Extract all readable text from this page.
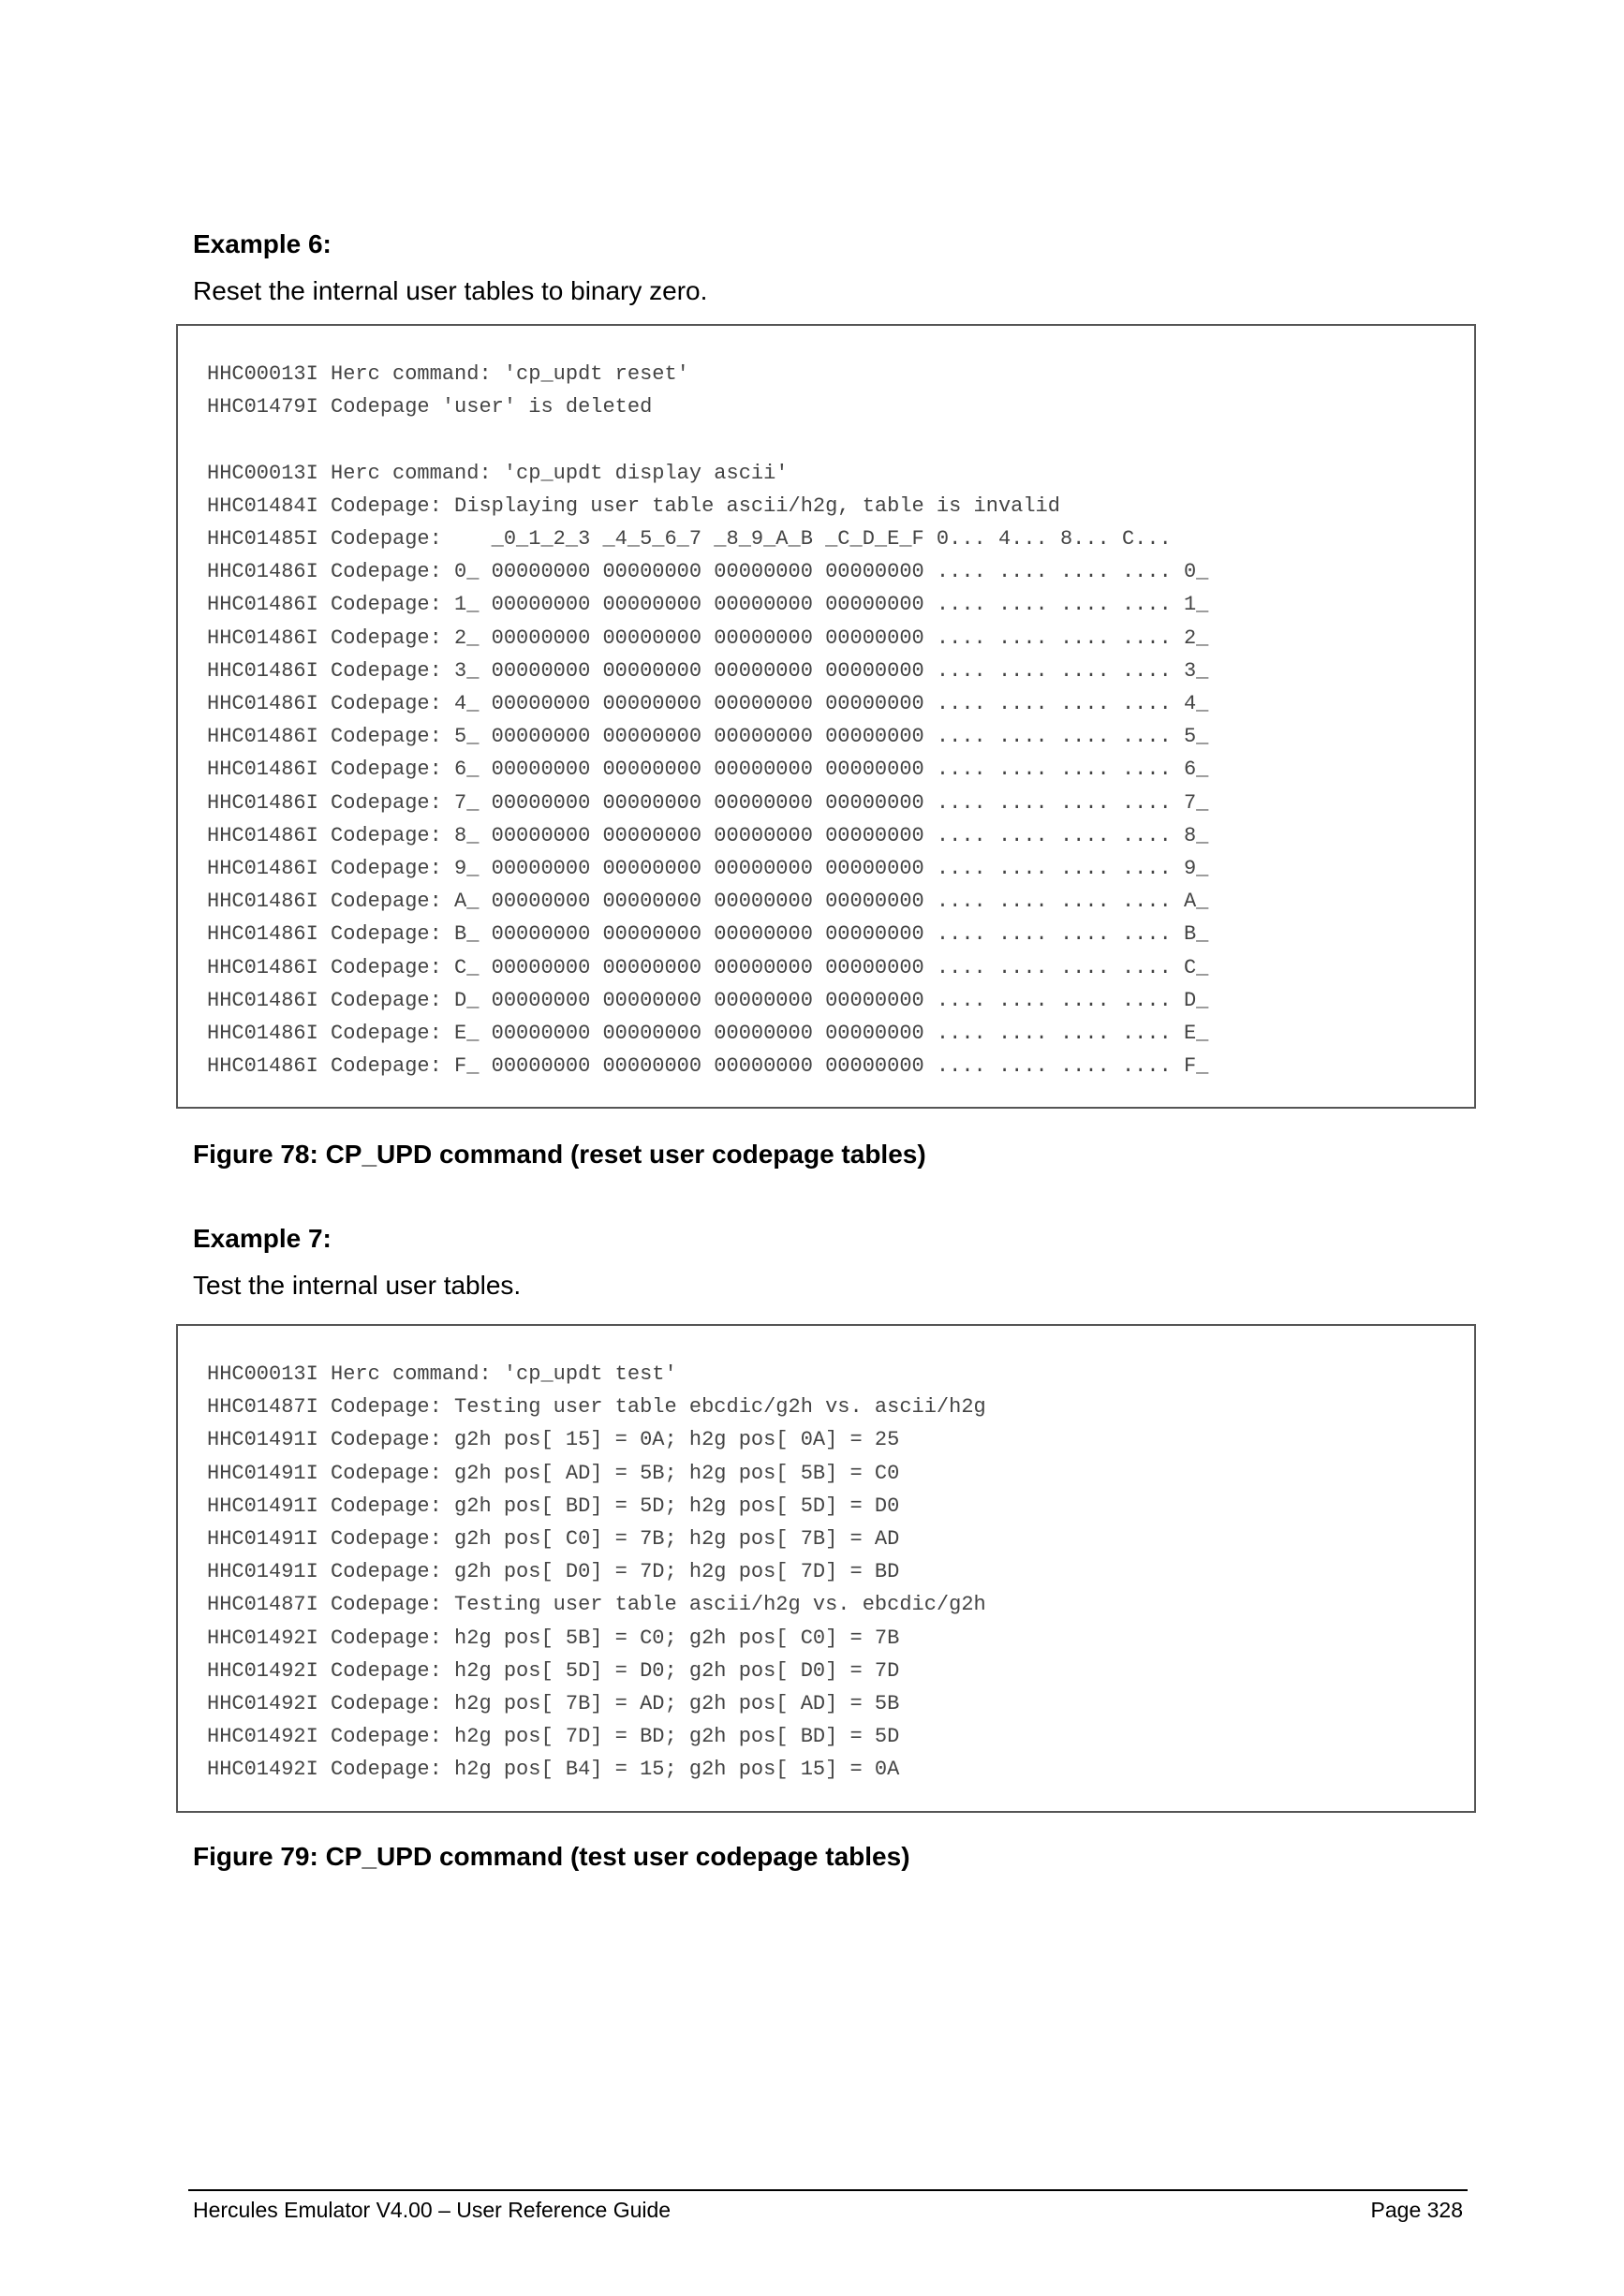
Example 6:

Reset the internal user tables to binary zero.

HHC00013I Herc command: 'cp_updt reset'
HHC01479I Codepage 'user' is deleted

HHC00013I Herc command: 'cp_updt display ascii'
HHC01484I Codepage: Displaying user table ascii/h2g, table is invalid
HHC01485I Codepage:    _0_1_2_3 _4_5_6_7 _8_9_A_B _C_D_E_F 0... 4... 8... C...
HHC01486I Codepage: 0_ 00000000 00000000 00000000 00000000 .... .... .... .... 0_
HHC01486I Codepage: 1_ 00000000 00000000 00000000 00000000 .... .... .... .... 1_
HHC01486I Codepage: 2_ 00000000 00000000 00000000 00000000 .... .... .... .... 2_
HHC01486I Codepage: 3_ 00000000 00000000 00000000 00000000 .... .... .... .... 3_
HHC01486I Codepage: 4_ 00000000 00000000 00000000 00000000 .... .... .... .... 4_
HHC01486I Codepage: 5_ 00000000 00000000 00000000 00000000 .... .... .... .... 5_
HHC01486I Codepage: 6_ 00000000 00000000 00000000 00000000 .... .... .... .... 6_
HHC01486I Codepage: 7_ 00000000 00000000 00000000 00000000 .... .... .... .... 7_
HHC01486I Codepage: 8_ 00000000 00000000 00000000 00000000 .... .... .... .... 8_
HHC01486I Codepage: 9_ 00000000 00000000 00000000 00000000 .... .... .... .... 9_
HHC01486I Codepage: A_ 00000000 00000000 00000000 00000000 .... .... .... .... A_
HHC01486I Codepage: B_ 00000000 00000000 00000000 00000000 .... .... .... .... B_
HHC01486I Codepage: C_ 00000000 00000000 00000000 00000000 .... .... .... .... C_
HHC01486I Codepage: D_ 00000000 00000000 00000000 00000000 .... .... .... .... D_
HHC01486I Codepage: E_ 00000000 00000000 00000000 00000000 .... .... .... .... E_
HHC01486I Codepage: F_ 00000000 00000000 00000000 00000000 .... .... .... .... F_
Figure 78: CP_UPD command (reset user codepage tables)
Example 7:

Test the internal user tables.

HHC00013I Herc command: 'cp_updt test'
HHC01487I Codepage: Testing user table ebcdic/g2h vs. ascii/h2g
HHC01491I Codepage: g2h pos[ 15] = 0A; h2g pos[ 0A] = 25
HHC01491I Codepage: g2h pos[ AD] = 5B; h2g pos[ 5B] = C0
HHC01491I Codepage: g2h pos[ BD] = 5D; h2g pos[ 5D] = D0
HHC01491I Codepage: g2h pos[ C0] = 7B; h2g pos[ 7B] = AD
HHC01491I Codepage: g2h pos[ D0] = 7D; h2g pos[ 7D] = BD
HHC01487I Codepage: Testing user table ascii/h2g vs. ebcdic/g2h
HHC01492I Codepage: h2g pos[ 5B] = C0; g2h pos[ C0] = 7B
HHC01492I Codepage: h2g pos[ 5D] = D0; g2h pos[ D0] = 7D
HHC01492I Codepage: h2g pos[ 7B] = AD; g2h pos[ AD] = 5B
HHC01492I Codepage: h2g pos[ 7D] = BD; g2h pos[ BD] = 5D
HHC01492I Codepage: h2g pos[ B4] = 15; g2h pos[ 15] = 0A
Figure 79: CP_UPD command (test user codepage tables)
Hercules Emulator V4.00 – User Reference Guide	Page 328
